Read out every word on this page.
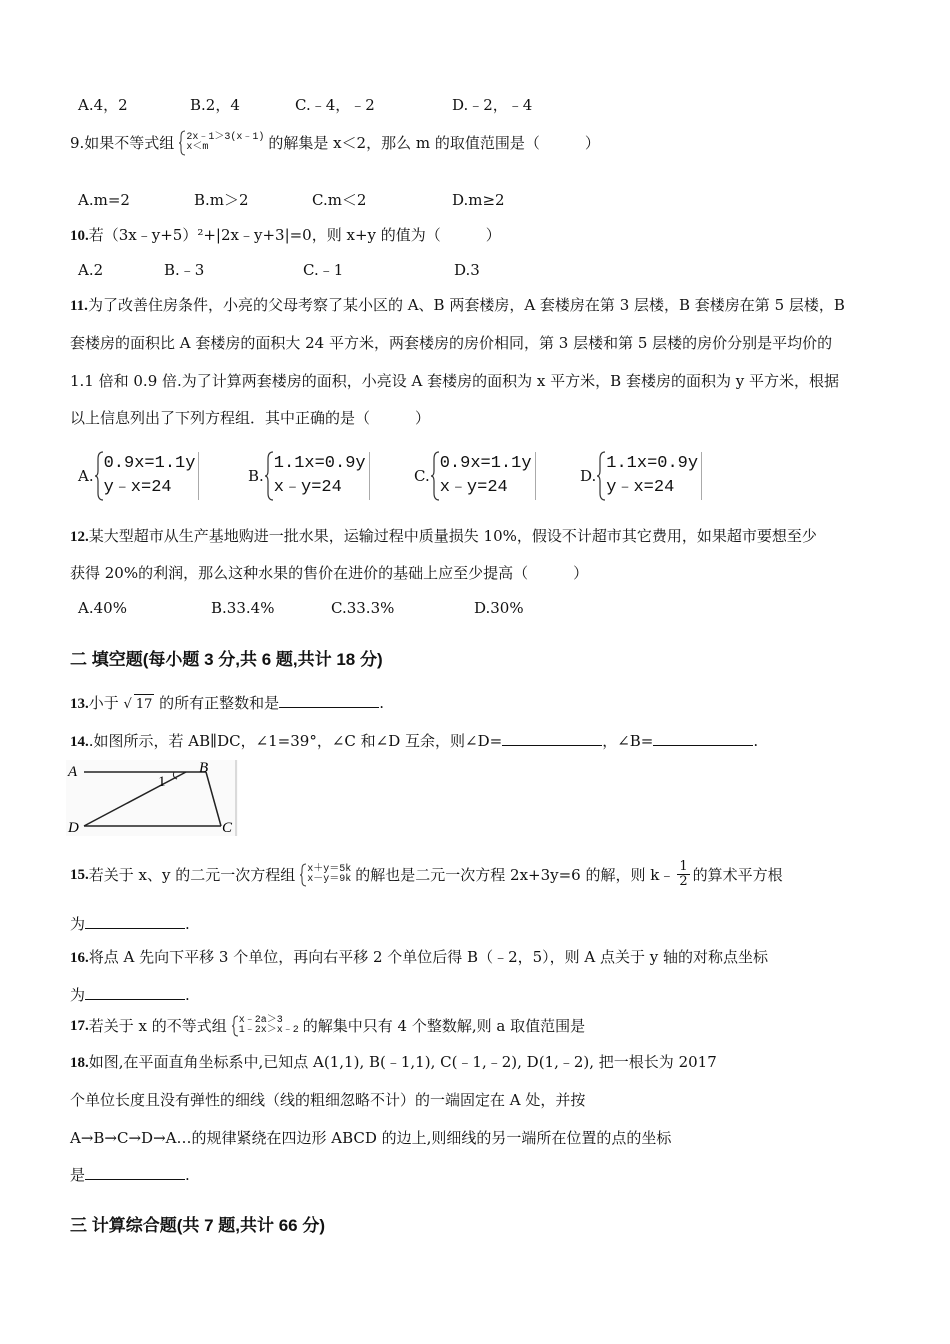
A.4，2	B.2，4	C.﹣4，﹣2	D.﹣2，﹣4
9.如果不等式组 2x﹣1＞3(x﹣1)
x＜m	的解集是 x＜2，那么 m 的取值范围是（　　　）
A.m=2	B.m＞2	C.m＜2	D.m≥2
10.若（3x﹣y+5）²+|2x﹣y+3|=0，则 x+y 的值为（　　　）
A.2	B.﹣3	C.﹣1	D.3
11.为了改善住房条件，小亮的父母考察了某小区的 A、B 两套楼房，A 套楼房在第 3 层楼，B 套楼房在第 5 层楼，B
套楼房的面积比 A 套楼房的面积大 24 平方米，两套楼房的房价相同，第 3 层楼和第 5 层楼的房价分别是平均价的
1.1 倍和 0.9 倍.为了计算两套楼房的面积，小亮设 A 套楼房的面积为 x 平方米，B 套楼房的面积为 y 平方米，根据
以上信息列出了下列方程组．其中正确的是（　　　）
A.
0.9x=1.1y
y﹣x=24
B.
1.1x=0.9y
x﹣y=24
C.
0.9x=1.1y
x﹣y=24
D.
1.1x=0.9y
y﹣x=24
12.某大型超市从生产基地购进一批水果，运输过程中质量损失 10%，假设不计超市其它费用，如果超市要想至少
获得 20%的利润，那么这种水果的售价在进价的基础上应至少提高（　　　）
A.40%	B.33.4%	C.33.3%	D.30%
二 填空题(每小题 3 分,共 6 题,共计 18 分)
13.小于 √ 17 的所有正整数和是	.
14..如图所示，若 AB∥DC，∠1=39°，∠C 和∠D 互余，则∠D=	，∠B=	.
A	B
D	C
1
15. 若关于 x、y 的二元一次方程组 x＋y＝5k
x－y＝9k 的解也是二元一次方程 2x+3y=6 的解，则 k﹣ $\frac{1}{2}$ 的算术平方根
为	.
16.将点 A 先向下平移 3 个单位，再向右平移 2 个单位后得 B（﹣2，5），则 A 点关于 y 轴的对称点坐标
为	.
17. 若关于 x 的不等式组 x﹣2a＞3
1﹣2x＞x﹣2 的解集中只有 4 个整数解,则 a 取值范围是
18.如图,在平面直角坐标系中,已知点 A(1,1), B(﹣1,1), C(﹣1,﹣2), D(1,﹣2), 把一根长为 2017
个单位长度且没有弹性的细线（线的粗细忽略不计）的一端固定在 A 处，并按
A→B→C→D→A…的规律紧绕在四边形 ABCD 的边上,则细线的另一端所在位置的点的坐标
是	.
三 计算综合题(共 7 题,共计 66 分)
